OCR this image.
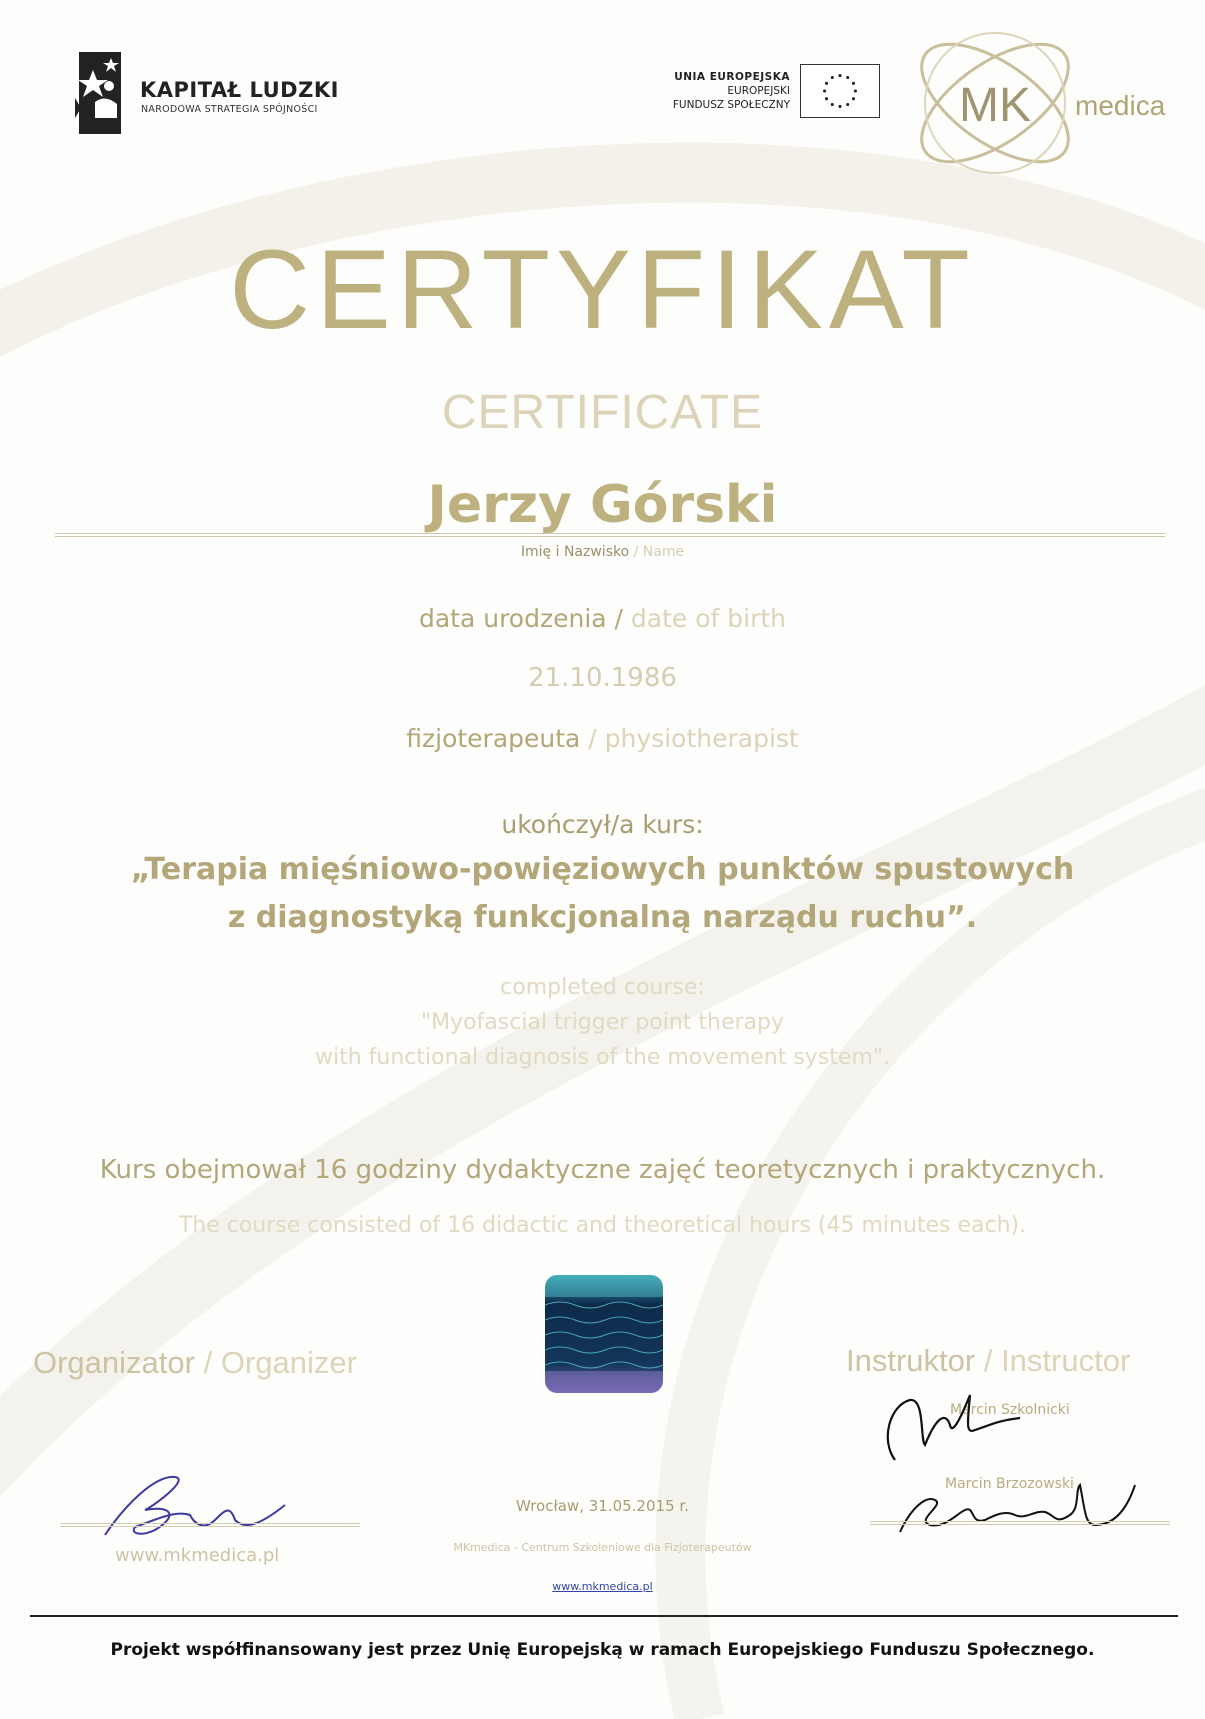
KAPITAŁ LUDZKI
NARODOWA STRATEGIA SPÓJNOŚCI
UNIA EUROPEJSKA
EUROPEJSKI
FUNDUSZ SPOŁECZNY	MK medica
CERTYFIKAT
CERTIFICATE
Jerzy Górski
Imię i Nazwisko / Name
data urodzenia / date of birth
21.10.1986
fizjoterapeuta / physiotherapist
ukończył/a kurs:
„Terapia mięśniowo-powięziowych punktów spustowych
z diagnostyką funkcjonalną narządu ruchu”.
completed course:
"Myofascial trigger point therapy
with functional diagnosis of the movement system".
Kurs obejmował 16 godziny dydaktyczne zajęć teoretycznych i praktycznych.
The course consisted of 16 didactic and theoretical hours (45 minutes each).
Organizator / Organizer	Instruktor / Instructor
Marcin Szkolnicki
Marcin Brzozowski
www.mkmedica.pl
Wrocław, 31.05.2015 r.
MKmedica - Centrum Szkoleniowe dla Fizjoterapeutów
www.mkmedica.pl
Projekt współfinansowany jest przez Unię Europejską w ramach Europejskiego Funduszu Społecznego.
